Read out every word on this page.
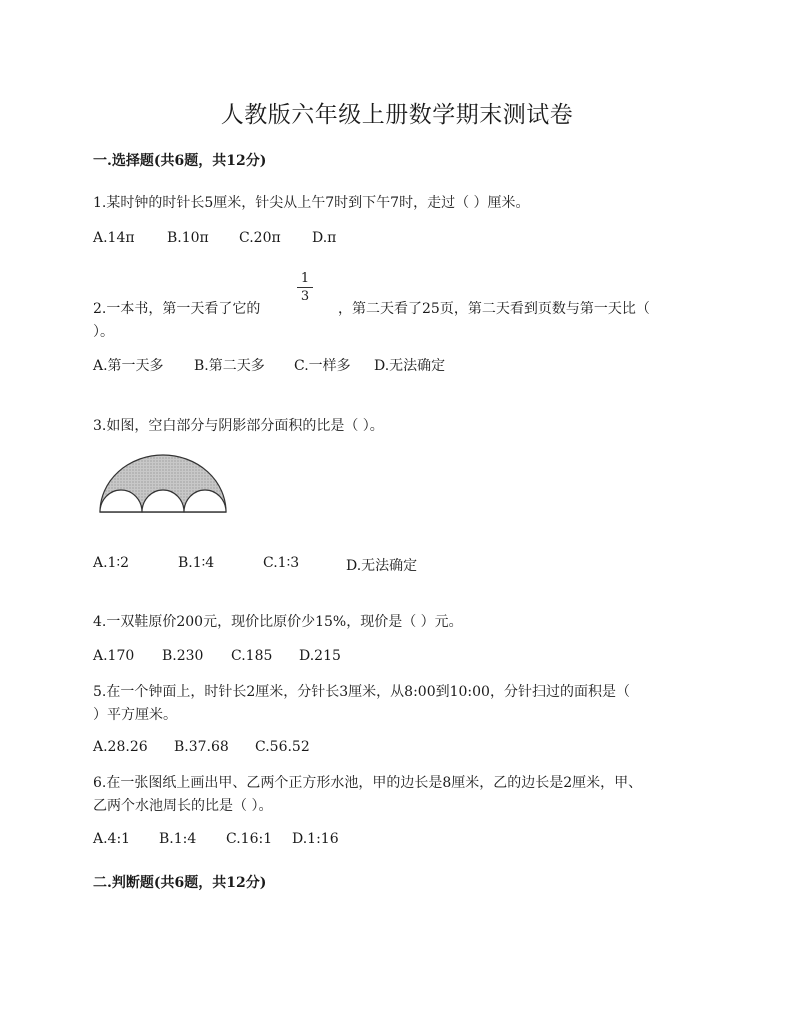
人教版六年级上册数学期末测试卷
一.选择题(共6题，共12分)
1.某时钟的时针长5厘米，针尖从上午7时到下午7时，走过（ ）厘米。
A.14π B.10π C.20π D.π
2.一本书，第一天看了它的
1
3
，第二天看了25页，第二天看到页数与第一天比（
）。
A.第一天多 B.第二天多 C.一样多 D.无法确定
3.如图，空白部分与阴影部分面积的比是（ ）。
A.1∶2	B.1∶4	C.1∶3	D.无法确定
4.一双鞋原价200元，现价比原价少15%，现价是（ ）元。
A.170 B.230 C.185 D.215
5.在一个钟面上，时针长2厘米，分针长3厘米，从8:00到10:00，分针扫过的面积是（
）平方厘米。
A.28.26 B.37.68 C.56.52
6.在一张图纸上画出甲、乙两个正方形水池，甲的边长是8厘米，乙的边长是2厘米，甲、
乙两个水池周长的比是（ ）。
A.4:1 B.1:4 C.16:1 D.1:16
二.判断题(共6题，共12分)
